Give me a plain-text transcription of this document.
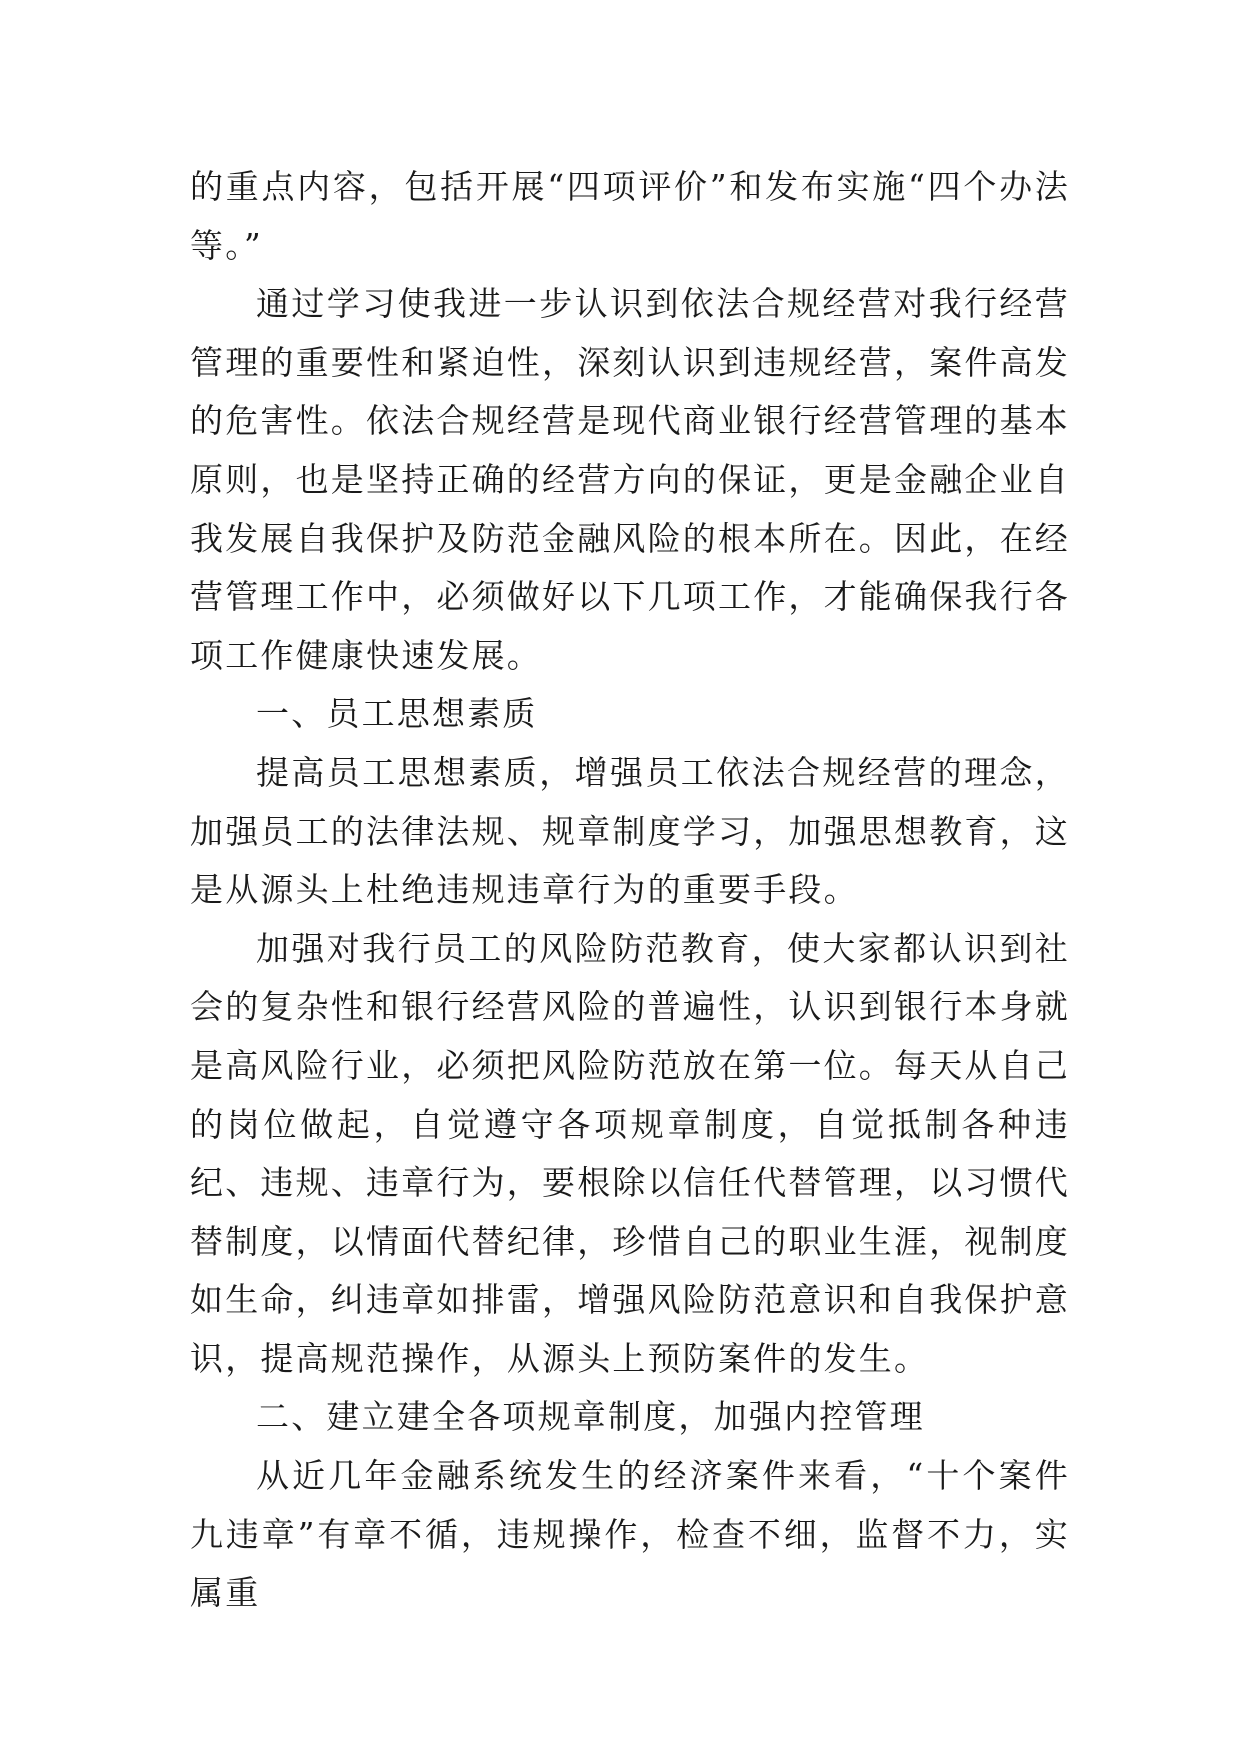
的重点内容，包括开展“四项评价”和发布实施“四个办法等。”

通过学习使我进一步认识到依法合规经营对我行经营管理的重要性和紧迫性，深刻认识到违规经营，案件高发的危害性。依法合规经营是现代商业银行经营管理的基本原则，也是坚持正确的经营方向的保证，更是金融企业自我发展自我保护及防范金融风险的根本所在。因此，在经营管理工作中，必须做好以下几项工作，才能确保我行各项工作健康快速发展。

一、员工思想素质

提高员工思想素质，增强员工依法合规经营的理念，加强员工的法律法规、规章制度学习，加强思想教育，这是从源头上杜绝违规违章行为的重要手段。

加强对我行员工的风险防范教育，使大家都认识到社会的复杂性和银行经营风险的普遍性，认识到银行本身就是高风险行业，必须把风险防范放在第一位。每天从自己的岗位做起，自觉遵守各项规章制度，自觉抵制各种违纪、违规、违章行为，要根除以信任代替管理，以习惯代替制度，以情面代替纪律，珍惜自己的职业生涯，视制度如生命，纠违章如排雷，增强风险防范意识和自我保护意识，提高规范操作，从源头上预防案件的发生。

二、建立建全各项规章制度，加强内控管理

从近几年金融系统发生的经济案件来看，“十个案件九违章”有章不循，违规操作，检查不细，监督不力，实属重
